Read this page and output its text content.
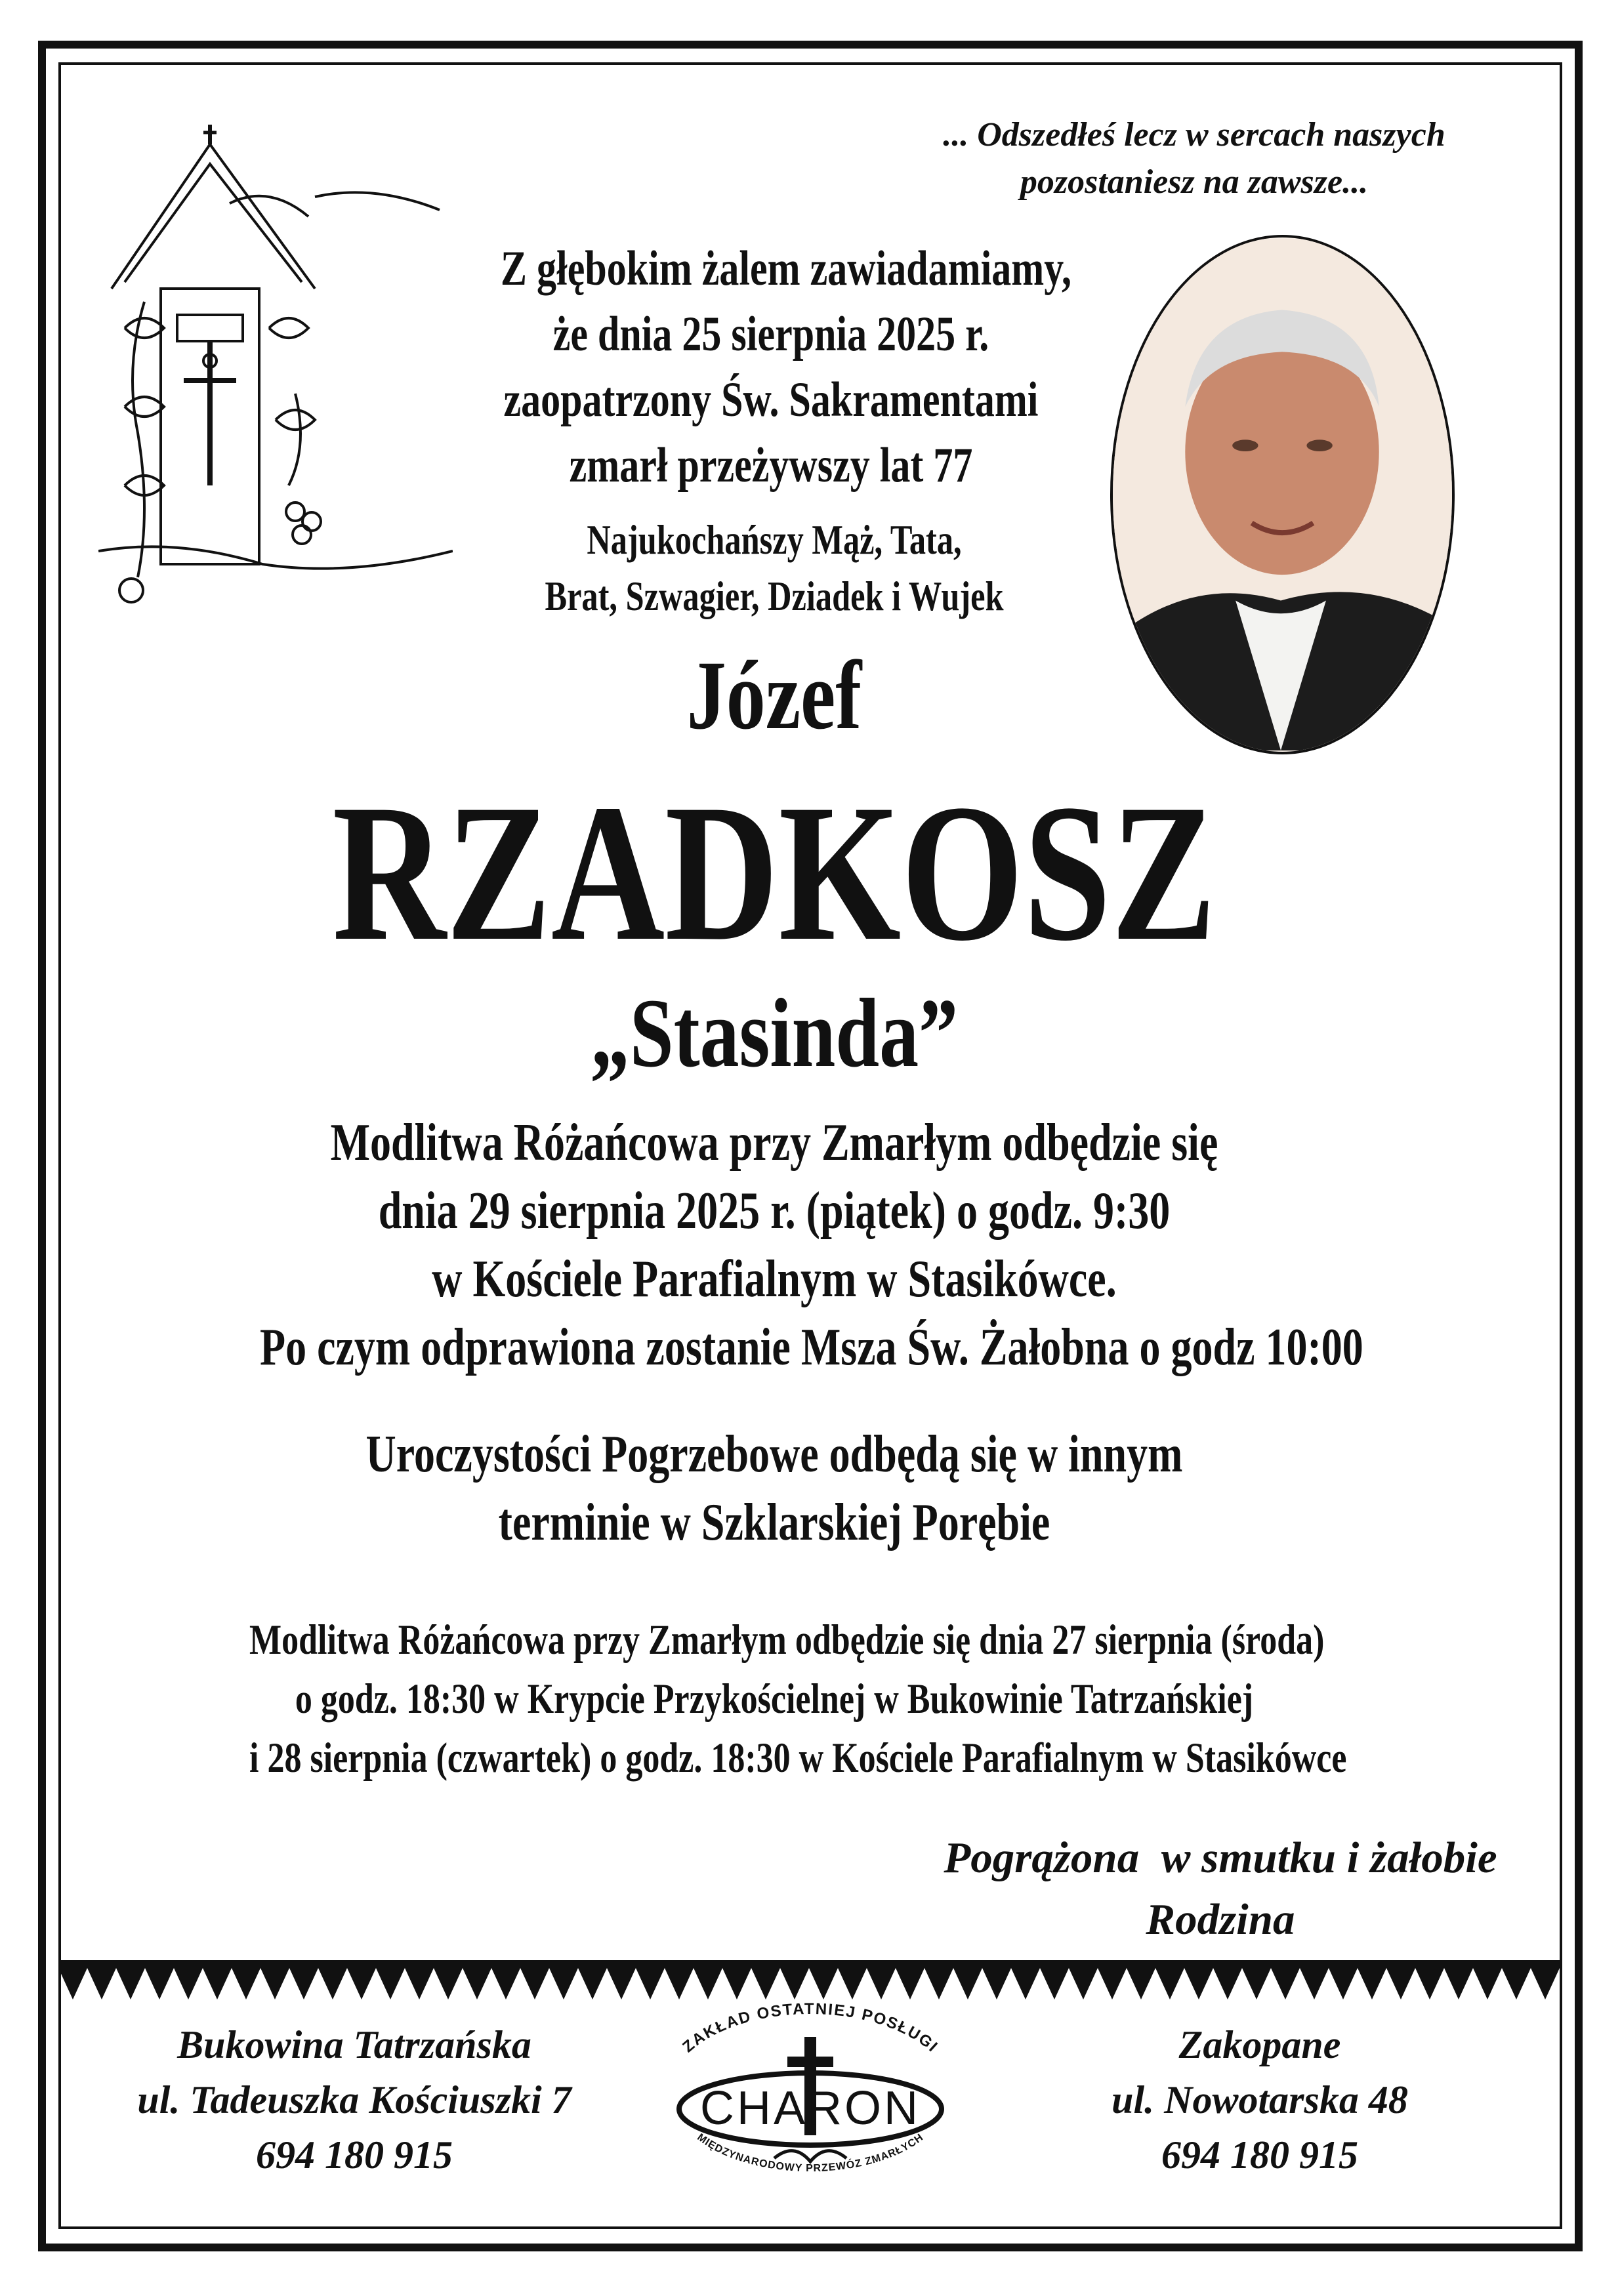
... Odszedłeś lecz w sercach naszych
pozostaniesz na zawsze...
Z głębokim żalem zawiadamiamy,
że dnia 25 sierpnia 2025 r.
zaopatrzony Św. Sakramentami
zmarł przeżywszy lat 77
Najukochańszy Mąż, Tata,
Brat, Szwagier, Dziadek i Wujek
Józef
RZADKOSZ
„Stasinda”
Modlitwa Różańcowa przy Zmarłym odbędzie się
dnia 29 sierpnia 2025 r. (piątek) o godz. 9:30
w Kościele Parafialnym w Stasikówce.
Po czym odprawiona zostanie Msza Św. Żałobna o godz 10:00
Uroczystości Pogrzebowe odbędą się w innym
terminie w Szklarskiej Porębie
Modlitwa Różańcowa przy Zmarłym odbędzie się dnia 27 sierpnia (środa)
o godz. 18:30 w Krypcie Przykościelnej w Bukowinie Tatrzańskiej
i 28 sierpnia (czwartek) o godz. 18:30 w Kościele Parafialnym w Stasikówce
Pogrążona  w smutku i żałobie
Rodzina
Bukowina Tatrzańska
ul. Tadeuszka Kościuszki 7
694 180 915
ZAKŁAD OSTATNIEJ POSŁUGI
MIĘDZYNARODOWY PRZEWÓZ ZMARŁYCH
CHARON
Zakopane
ul. Nowotarska 48
694 180 915
